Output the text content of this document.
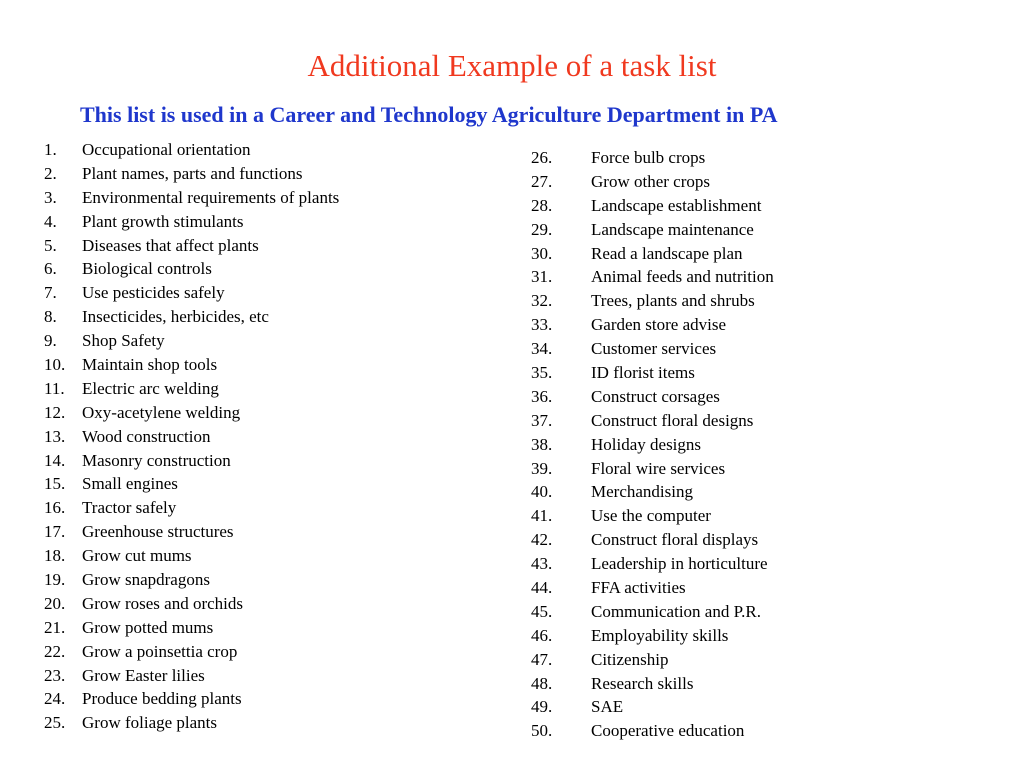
Additional Example of a task list
This list is used in a Career and Technology Agriculture Department in PA
1. Occupational orientation
2. Plant names, parts and functions
3. Environmental requirements of plants
4. Plant growth stimulants
5. Diseases that affect plants
6. Biological controls
7. Use pesticides safely
8. Insecticides, herbicides, etc
9. Shop Safety
10. Maintain shop tools
11. Electric arc welding
12. Oxy-acetylene welding
13. Wood construction
14. Masonry construction
15. Small engines
16. Tractor safely
17. Greenhouse structures
18. Grow cut mums
19. Grow snapdragons
20. Grow roses and orchids
21. Grow potted mums
22. Grow a poinsettia crop
23. Grow Easter lilies
24. Produce bedding plants
25. Grow foliage plants
26. Force bulb crops
27. Grow other crops
28. Landscape establishment
29. Landscape maintenance
30. Read a landscape plan
31. Animal feeds and nutrition
32. Trees, plants and shrubs
33. Garden store advise
34. Customer services
35. ID florist items
36. Construct corsages
37. Construct floral designs
38. Holiday designs
39. Floral wire services
40. Merchandising
41. Use the computer
42. Construct floral displays
43. Leadership in horticulture
44. FFA activities
45. Communication and P.R.
46. Employability skills
47. Citizenship
48. Research skills
49. SAE
50. Cooperative education
